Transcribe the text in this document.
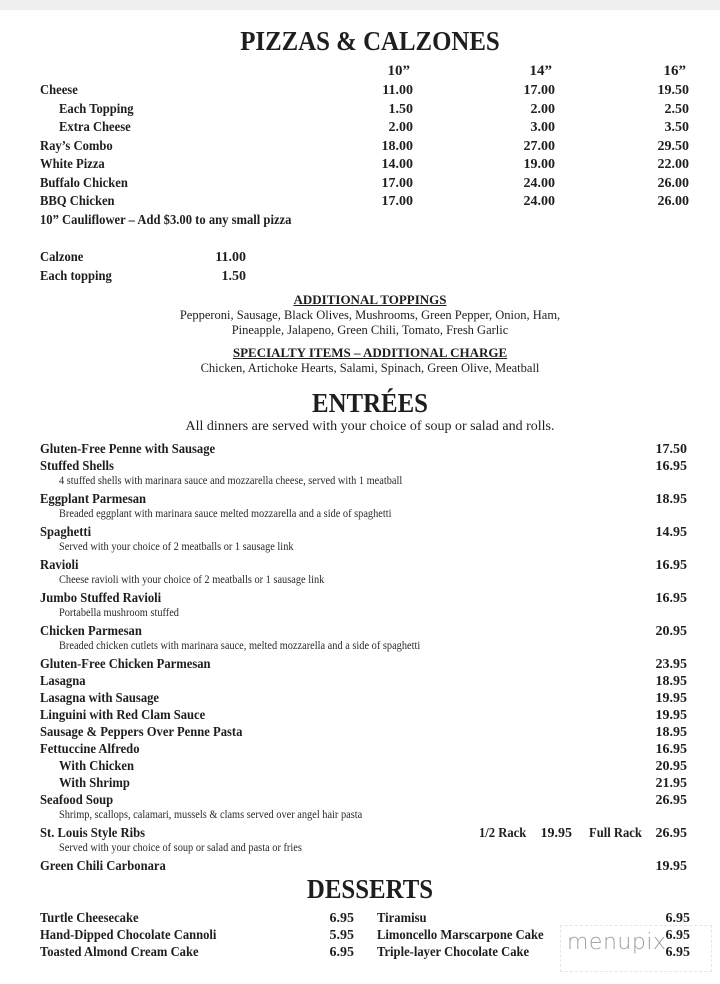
PIZZAS & CALZONES
10”	14”	16”
Cheese	11.00	17.00	19.50
Each Topping	1.50	2.00	2.50
Extra Cheese	2.00	3.00	3.50
Ray’s Combo	18.00	27.00	29.50
White Pizza	14.00	19.00	22.00
Buffalo Chicken	17.00	24.00	26.00
BBQ Chicken	17.00	24.00	26.00
10” Cauliflower – Add $3.00 to any small pizza
Calzone	11.00
Each topping	1.50
ADDITIONAL TOPPINGS
Pepperoni, Sausage, Black Olives, Mushrooms, Green Pepper, Onion, Ham,
Pineapple, Jalapeno, Green Chili, Tomato, Fresh Garlic
SPECIALTY ITEMS – ADDITIONAL CHARGE
Chicken, Artichoke Hearts, Salami, Spinach, Green Olive, Meatball
ENTRÉES
All dinners are served with your choice of soup or salad and rolls.
Gluten-Free Penne with Sausage	17.50
Stuffed Shells	16.95
4 stuffed shells with marinara sauce and mozzarella cheese, served with 1 meatball
Eggplant Parmesan	18.95
Breaded eggplant with marinara sauce melted mozzarella and a side of spaghetti
Spaghetti	14.95
Served with your choice of 2 meatballs or 1 sausage link
Ravioli	16.95
Cheese ravioli with your choice of 2 meatballs or 1 sausage link
Jumbo Stuffed Ravioli	16.95
Portabella mushroom stuffed
Chicken Parmesan	20.95
Breaded chicken cutlets with marinara sauce, melted mozzarella and a side of spaghetti
Gluten-Free Chicken Parmesan	23.95
Lasagna	18.95
Lasagna with Sausage	19.95
Linguini with Red Clam Sauce	19.95
Sausage & Peppers Over Penne Pasta	18.95
Fettuccine Alfredo	16.95
With Chicken	20.95
With Shrimp	21.95
Seafood Soup	26.95
Shrimp, scallops, calamari, mussels & clams served over angel hair pasta
St. Louis Style Ribs	1/2 Rack	19.95 Full Rack 26.95
Served with your choice of soup or salad and pasta or fries
Green Chili Carbonara	19.95
DESSERTS
Turtle Cheesecake	6.95
Hand-Dipped Chocolate Cannoli	5.95
Toasted Almond Cream Cake	6.95
Tiramisu	6.95
Limoncello Marscarpone Cake	6.95
Triple-layer Chocolate Cake	6.95
menupix
